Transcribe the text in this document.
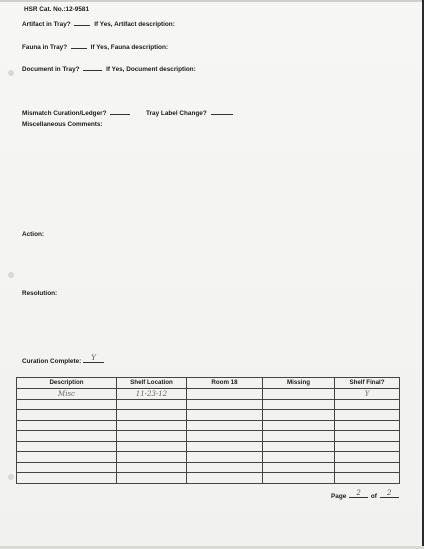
HSR Cat. No.:12-9581
Artifact in Tray?	If Yes, Artifact description:
Fauna in Tray?	If Yes, Fauna description:
Document in Tray?	If Yes, Document description:
Mismatch Curation/Ledger?	Tray Label Change?
Miscellaneous Comments:
Action:
Resolution:
Curation Complete:	Y
Description	Shelf Location	Room 18	Missing	Shelf Final?
Misc	11-23-12			Y

Page	2	of	2
